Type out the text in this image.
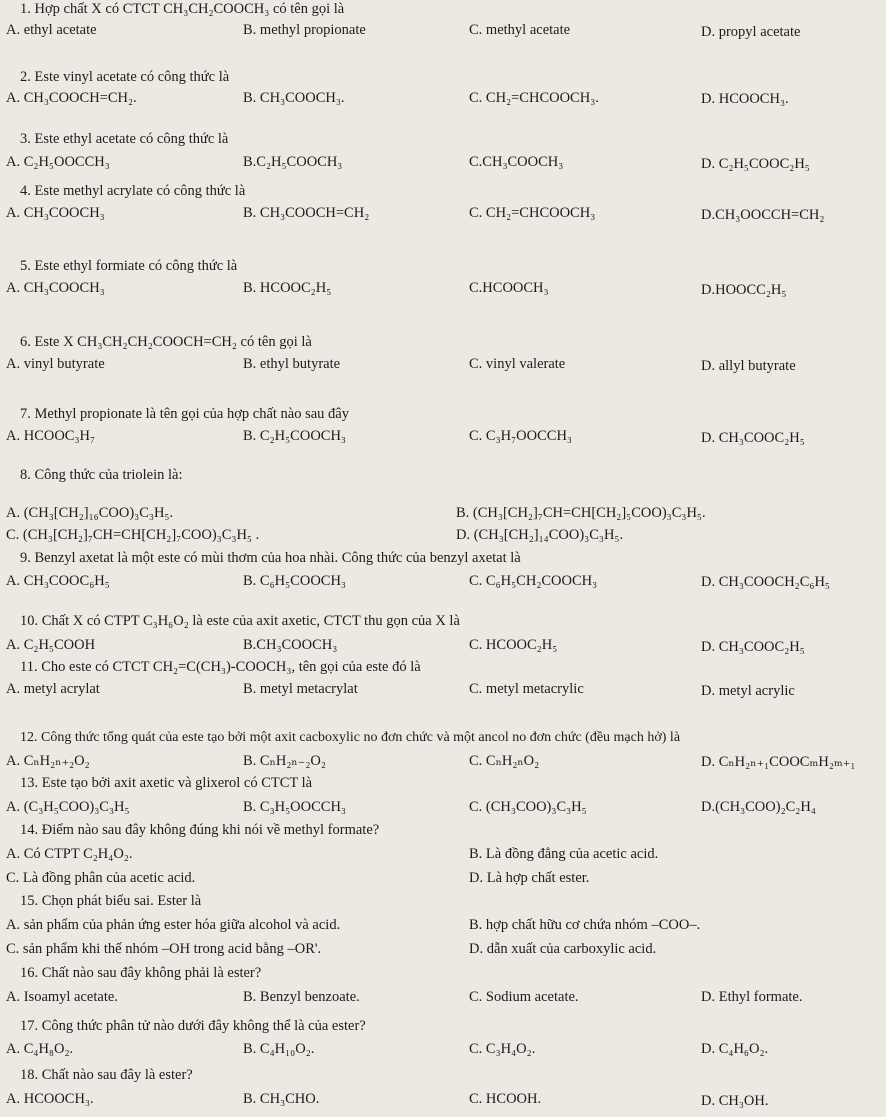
1. Hợp chất X có CTCT CH₃CH₂COOCH₃ có tên gọi là
A. ethyl acetate	B. methyl propionate	C. methyl acetate	D. propyl acetate
2. Este vinyl acetate có công thức là
A. CH₃COOCH=CH₂.	B. CH₃COOCH₃.	C. CH₂=CHCOOCH₃.	D. HCOOCH₃.
3. Este ethyl acetate có công thức là
A. C₂H₅OOCCH₃	B.C₂H₅COOCH₃	C.CH₃COOCH₃	D. C₂H₅COOC₂H₅
4. Este methyl acrylate có công thức là
A. CH₃COOCH₃	B. CH₃COOCH=CH₂	C. CH₂=CHCOOCH₃	D.CH₃OOCCH=CH₂
5. Este ethyl formiate có công thức là
A. CH₃COOCH₃	B. HCOOC₂H₅	C.HCOOCH₃	D.HOOCC₂H₅
6. Este X CH₃CH₂CH₂COOCH=CH₂ có tên gọi là
A. vinyl butyrate	B. ethyl butyrate	C. vinyl valerate	D. allyl butyrate
7. Methyl propionate là tên gọi của hợp chất nào sau đây
A. HCOOC₃H₇	B. C₂H₅COOCH₃	C. C₃H₇OOCCH₃	D. CH₃COOC₂H₅
8. Công thức của triolein là:
A. (CH₃[CH₂]₁₆COO)₃C₃H₅.	B. (CH₃[CH₂]₇CH=CH[CH₂]₅COO)₃C₃H₅.
C. (CH₃[CH₂]₇CH=CH[CH₂]₇COO)₃C₃H₅ .	D. (CH₃[CH₂]₁₄COO)₃C₃H₅.
9. Benzyl axetat là một este có mùi thơm của hoa nhài. Công thức của benzyl axetat là
A. CH₃COOC₆H₅	B. C₆H₅COOCH₃	C. C₆H₅CH₂COOCH₃	D. CH₃COOCH₂C₆H₅
10. Chất X có CTPT C₃H₆O₂ là este của axit axetic, CTCT thu gọn của X là
A. C₂H₅COOH	B.CH₃COOCH₃	C. HCOOC₂H₅	D. CH₃COOC₂H₅
11. Cho este có CTCT CH₂=C(CH₃)-COOCH₃, tên gọi của este đó là
A. metyl acrylat	B. metyl metacrylat	C. metyl metacrylic	D. metyl acrylic
12. Công thức tổng quát của este tạo bởi một axit cacboxylic no đơn chức và một ancol no đơn chức (đều mạch hở) là
A. CₙH₂ₙ₊₂O₂	B. CₙH₂ₙ₋₂O₂	C. CₙH₂ₙO₂	D. CₙH₂ₙ₊₁COOCₘH₂ₘ₊₁
13. Este tạo bởi axit axetic và glixerol có CTCT là
A. (C₃H₅COO)₃C₃H₅	B. C₃H₅OOCCH₃	C. (CH₃COO)₃C₃H₅	D.(CH₃COO)₂C₂H₄
14. Điểm nào sau đây không đúng khi nói về methyl formate?
A. Có CTPT C₂H₄O₂.	B. Là đồng đẳng của acetic acid.
C. Là đồng phân của acetic acid.	D. Là hợp chất ester.
15. Chọn phát biểu sai. Ester là
A. sản phẩm của phản ứng ester hóa giữa alcohol và acid.	B. hợp chất hữu cơ chứa nhóm –COO–.
C. sản phẩm khi thế nhóm –OH trong acid bằng –OR'.	D. dẫn xuất của carboxylic acid.
16. Chất nào sau đây không phải là ester?
A. Isoamyl acetate.	B. Benzyl benzoate.	C. Sodium acetate.	D. Ethyl formate.
17. Công thức phân tử nào dưới đây không thể là của ester?
A. C₄H₈O₂.	B. C₄H₁₀O₂.	C. C₃H₄O₂.	D. C₄H₆O₂.
18. Chất nào sau đây là ester?
A. HCOOCH₃.	B. CH₃CHO.	C. HCOOH.	D. CH₃OH.
